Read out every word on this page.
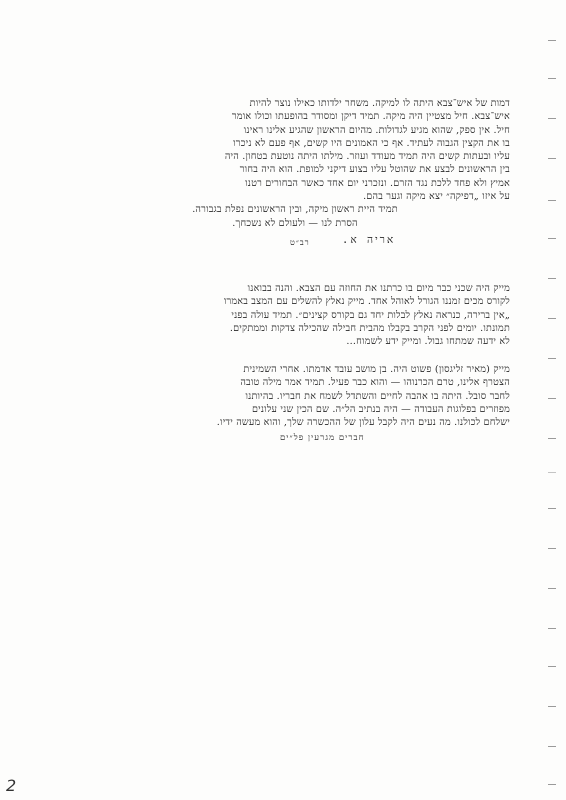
דמות של איש־צבא היתה לו למיקה. משחר ילדותו כאילו נוצר להיות
איש־צבא. חיל מצטיין היה מיקה. תמיד דיקן ומסודר בהופעתו וכולו אומר
חיל. אין ספק, שהוא מגיע לגדולות. מהיום הראשון שהגיע אלינו ראינו
בו את הקצין הגבוה לעתיד. אף כי האמונים היו קשים, אף פעם לא ניכרו
עליו ובעתות קשים היה תמיד מעודד ועוזר. מילתו היתה נוטעת בטחון. היה
בין הראשונים לבצע את שהוטל עליו בצוע דיקני למופת. הוא היה בחור
אמיץ ולא פחד ללכת נגד הזרם. ונזכרני יום אחד כאשר הבחורים רטנו
על איזו „דפיקה״ יצא מיקה וגער בהם.
תמיד היית ראשון מיקה, ובין הראשונים נפלת בגבורה.
הסרת לנו — ולעולם לא נשכחך.
אריה א.
רב״ט
מייק היה שכני כבר מיום בו כרתנו את החוזה עם הצבא. והנה בבואנו
לקורס מכים זמננו הגורל לאוהל אחד. מייק נאלץ להשלים עם המצב באמרו
„אין ברירה, כנראה נאלץ לבלות יחד גם בקורס קצינים״. תמיד עולה בפני
תמונתו. יומים לפני הקרב בקבלו מהבית חבילה שהכילה צדקות וממתקים.
לא ידעה שמתחו גבול. ומייק ידע לשמוח...
מייק (מאיר זליגסון) פשוט היה. בן מושב עובד אדמתו. אחרי השמינית
הצטרף אלינו, טרם הכרנוהו — והוא כבר פעיל. תמיד אמר מילה טובה
לחבר סובל. היתה בו אהבה לחיים והשתדל לשמח את חבריו. בהיותנו
מפוזרים בפלוגות העבודה — היה בנתיב הל״ה. שם הכין שני עלונים
ישלחם לכולנו. מה נעים היה לקבל עלון של ההכשרה שלך, והוא מעשה ידיו.
חברים מגרעין פל״ים
2
